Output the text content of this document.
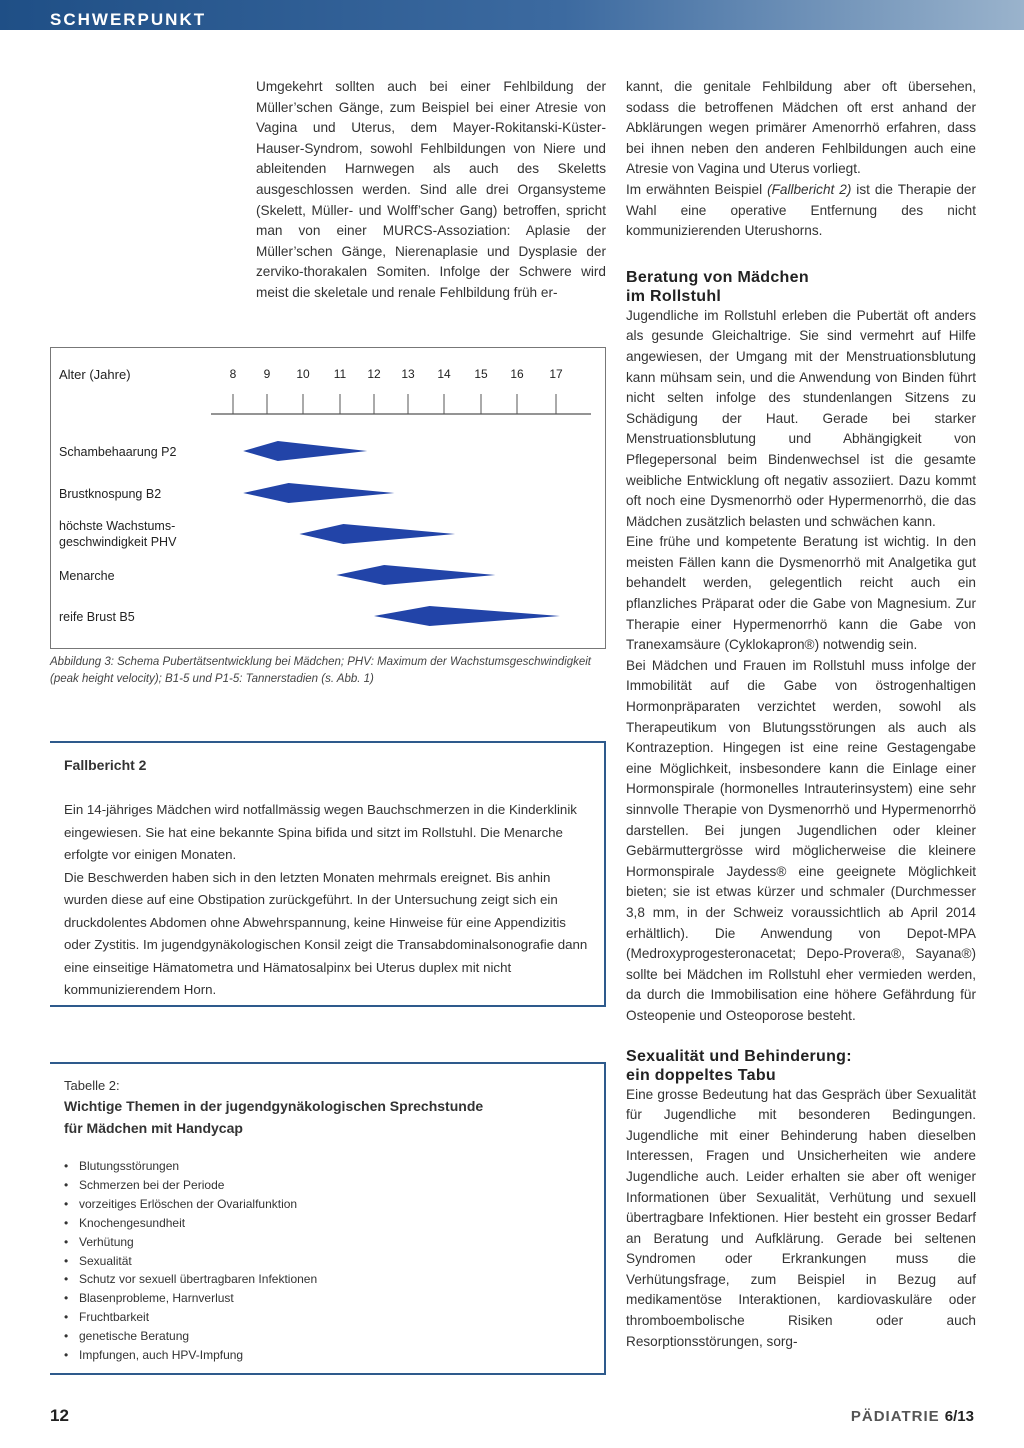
SCHWERPUNKT

Umgekehrt sollten auch bei einer Fehlbildung der Müller’schen Gänge, zum Beispiel bei einer Atresie von Vagina und Uterus, dem Mayer-Rokitanski-Küster-Hauser-Syndrom, sowohl Fehlbildungen von Niere und ableitenden Harnwegen als auch des Skeletts ausgeschlossen werden. Sind alle drei Organsysteme (Skelett, Müller- und Wolff’scher Gang) betroffen, spricht man von einer MURCS-Assoziation: Aplasie der Müller’schen Gänge, Nierenaplasie und Dysplasie der zerviko-thorakalen Somiten. Infolge der Schwere wird meist die skeletale und renale Fehlbildung früh er-

kannt, die genitale Fehlbildung aber oft übersehen, sodass die betroffenen Mädchen oft erst anhand der Abklärungen wegen primärer Amenorrhö erfahren, dass bei ihnen neben den anderen Fehlbildungen auch eine Atresie von Vagina und Uterus vorliegt.

Im erwähnten Beispiel (Fallbericht 2) ist die Therapie der Wahl eine operative Entfernung des nicht kommunizierenden Uterushorns.

Beratung von Mädchen
im Rollstuhl

Jugendliche im Rollstuhl erleben die Pubertät oft anders als gesunde Gleichaltrige. Sie sind vermehrt auf Hilfe angewiesen, der Umgang mit der Menstruationsblutung kann mühsam sein, und die Anwendung von Binden führt nicht selten infolge des stundenlangen Sitzens zu Schädigung der Haut. Gerade bei starker Menstruationsblutung und Abhängigkeit von Pflegepersonal beim Bindenwechsel ist die gesamte weibliche Entwicklung oft negativ assoziiert. Dazu kommt oft noch eine Dysmenorrhö oder Hypermenorrhö, die das Mädchen zusätzlich belasten und schwächen kann.

Eine frühe und kompetente Beratung ist wichtig. In den meisten Fällen kann die Dysmenorrhö mit Analgetika gut behandelt werden, gelegentlich reicht auch ein pflanzliches Präparat oder die Gabe von Magnesium. Zur Therapie einer Hypermenorrhö kann die Gabe von Tranexamsäure (Cyklokapron®) notwendig sein.

Bei Mädchen und Frauen im Rollstuhl muss infolge der Immobilität auf die Gabe von östrogenhaltigen Hormonpräparaten verzichtet werden, sowohl als Therapeutikum von Blutungsstörungen als auch als Kontrazeption. Hingegen ist eine reine Gestagengabe eine Möglichkeit, insbesondere kann die Einlage einer Hormonspirale (hormonelles Intrauterinsystem) eine sehr sinnvolle Therapie von Dysmenorrhö und Hypermenorrhö darstellen. Bei jungen Jugendlichen oder kleiner Gebärmuttergrösse wird möglicherweise die kleinere Hormonspirale Jaydess® eine geeignete Möglichkeit bieten; sie ist etwas kürzer und schmaler (Durchmesser 3,8 mm, in der Schweiz voraussichtlich ab April 2014 erhältlich). Die Anwendung von Depot-MPA (Medroxyprogesteronacetat; Depo-Provera®, Sayana®) sollte bei Mädchen im Rollstuhl eher vermieden werden, da durch die Immobilisation eine höhere Gefährdung für Osteopenie und Osteoporose besteht.

Sexualität und Behinderung:
ein doppeltes Tabu

Eine grosse Bedeutung hat das Gespräch über Sexualität für Jugendliche mit besonderen Bedingungen. Jugendliche mit einer Behinderung haben dieselben Interessen, Fragen und Unsicherheiten wie andere Jugendliche auch. Leider erhalten sie aber oft weniger Informationen über Sexualität, Verhütung und sexuell übertragbare Infektionen. Hier besteht ein grosser Bedarf an Beratung und Aufklärung. Gerade bei seltenen Syndromen oder Erkrankungen muss die Verhütungsfrage, zum Beispiel in Bezug auf medikamentöse Interaktionen, kardiovaskuläre oder thromboembolische Risiken oder auch Resorptionsstörungen, sorg-

Alter (Jahre)	8 9 10 11 12 13 14 15 16 17
Schambehaarung P2
Brustknospung B2
höchste Wachstums-geschwindigkeit PHV
Menarche
reife Brust B5
Abbildung 3: Schema Pubertätsentwicklung bei Mädchen; PHV: Maximum der Wachstumsgeschwindigkeit (peak height velocity); B1-5 und P1-5: Tannerstadien (s. Abb. 1)
Fallbericht 2
Ein 14-jähriges Mädchen wird notfallmässig wegen Bauchschmerzen in die Kinderklinik eingewiesen. Sie hat eine bekannte Spina bifida und sitzt im Rollstuhl. Die Menarche erfolgte vor einigen Monaten.
Die Beschwerden haben sich in den letzten Monaten mehrmals ereignet. Bis anhin wurden diese auf eine Obstipation zurückgeführt. In der Untersuchung zeigt sich ein druckdolentes Abdomen ohne Abwehrspannung, keine Hinweise für eine Appendizitis oder Zystitis. Im jugendgynäkologischen Konsil zeigt die Transabdominalsonografie dann eine einseitige Hämatometra und Hämatosalpinx bei Uterus duplex mit nicht kommunizierendem Horn.
Tabelle 2:
Wichtige Themen in der jugendgynäkologischen Sprechstunde
für Mädchen mit Handycap
• Blutungsstörungen
• Schmerzen bei der Periode
• vorzeitiges Erlöschen der Ovarialfunktion
• Knochengesundheit
• Verhütung
• Sexualität
• Schutz vor sexuell übertragbaren Infektionen
• Blasenprobleme, Harnverlust
• Fruchtbarkeit
• genetische Beratung
• Impfungen, auch HPV-Impfung
12	PÄDIATRIE 6/13
